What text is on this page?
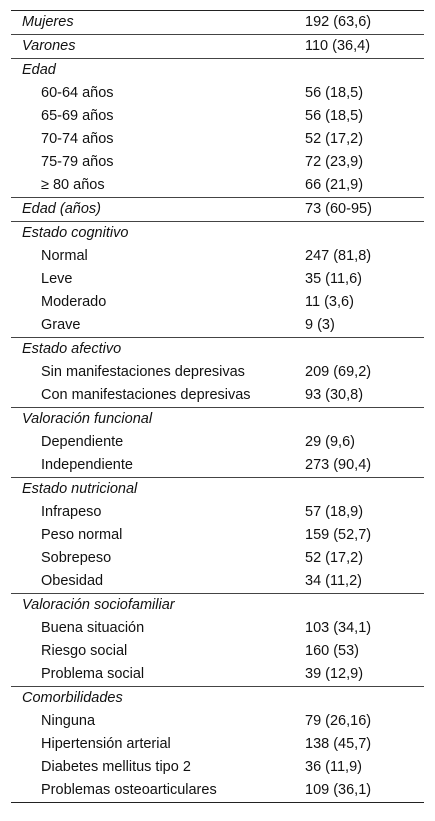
Mujeres	192 (63,6)
Varones	110 (36,4)
Edad
60-64 años	56 (18,5)
65-69 años	56 (18,5)
70-74 años	52 (17,2)
75-79 años	72 (23,9)
≥ 80 años	66 (21,9)
Edad (años)	73 (60-95)
Estado cognitivo
Normal	247 (81,8)
Leve	35 (11,6)
Moderado	11 (3,6)
Grave	9 (3)
Estado afectivo
Sin manifestaciones depresivas	209 (69,2)
Con manifestaciones depresivas	93 (30,8)
Valoración funcional
Dependiente	29 (9,6)
Independiente	273 (90,4)
Estado nutricional
Infrapeso	57 (18,9)
Peso normal	159 (52,7)
Sobrepeso	52 (17,2)
Obesidad	34 (11,2)
Valoración sociofamiliar
Buena situación	103 (34,1)
Riesgo social	160 (53)
Problema social	39 (12,9)
Comorbilidades
Ninguna	79 (26,16)
Hipertensión arterial	138 (45,7)
Diabetes mellitus tipo 2	36 (11,9)
Problemas osteoarticulares	109 (36,1)
